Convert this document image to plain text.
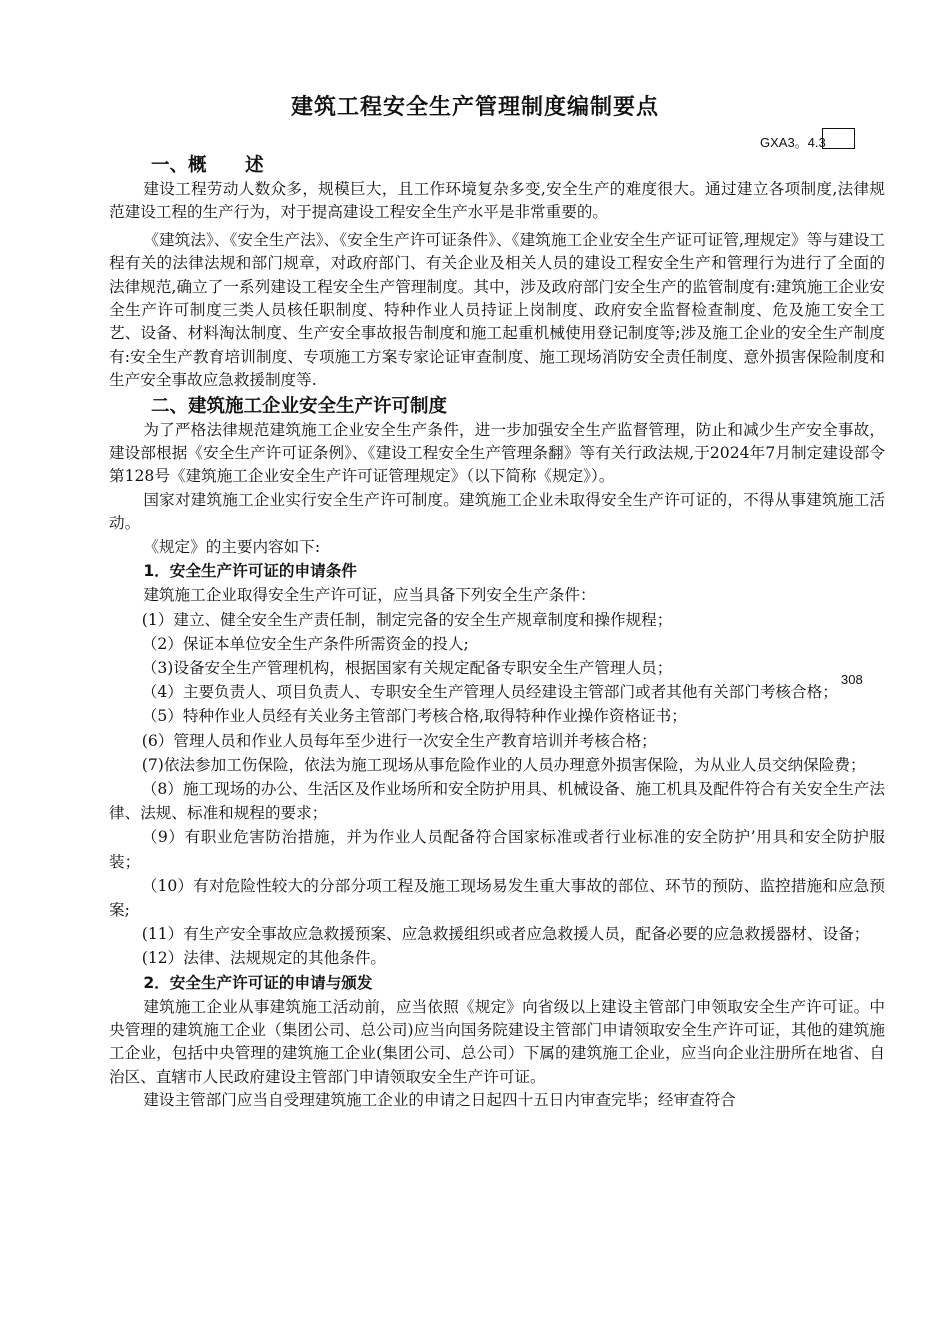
建筑工程安全生产管理制度编制要点
GXA3。4.3
308
一、概      述

建设工程劳动人数众多，规模巨大，且工作环境复杂多变,安全生产的难度很大。通过建立各项制度,法律规范建设工程的生产行为，对于提高建设工程安全生产水平是非常重要的。

《建筑法》、《安全生产法》、《安全生产许可证条件》、《建筑施工企业安全生产证可证管,理规定》等与建设工程有关的法律法规和部门规章，对政府部门、有关企业及相关人员的建设工程安全生产和管理行为进行了全面的法律规范,确立了一系列建设工程安全生产管理制度。其中，涉及政府部门安全生产的监管制度有:建筑施工企业安全生产许可制度三类人员核任职制度、特种作业人员持证上岗制度、政府安全监督检查制度、危及施工安全工艺、设备、材料淘汰制度、生产安全事故报告制度和施工起重机械使用登记制度等;涉及施工企业的安全生产制度有:安全生产教育培训制度、专项施工方案专家论证审查制度、施工现场消防安全责任制度、意外损害保险制度和生产安全事故应急救援制度等.

二、建筑施工企业安全生产许可制度

为了严格法律规范建筑施工企业安全生产条件，进一步加强安全生产监督管理，防止和减少生产安全事故，建设部根据《安全生产许可证条例》、《建设工程安全生产管理条翻》等有关行政法规,于2024年7月制定建设部令第128号《建筑施工企业安全生产许可证管理规定》（以下简称《规定》）。

国家对建筑施工企业实行安全生产许可制度。建筑施工企业未取得安全生产许可证的，不得从事建筑施工活动。

《规定》的主要内容如下:

1．安全生产许可证的申请条件

建筑施工企业取得安全生产许可证，应当具备下列安全生产条件：

(1）建立、健全安全生产责任制，制定完备的安全生产规章制度和操作规程；

（2）保证本单位安全生产条件所需资金的投人;

（3)设备安全生产管理机构，根据国家有关规定配备专职安全生产管理人员；

（4）主要负责人、项目负责人、专职安全生产管理人员经建设主管部门或者其他有关部门考核合格；

（5）特种作业人员经有关业务主管部门考核合格,取得特种作业操作资格证书；

(6）管理人员和作业人员每年至少进行一次安全生产教育培训并考核合格；

(7)依法参加工伤保险，依法为施工现场从事危险作业的人员办理意外损害保险，为从业人员交纳保险费；

（8）施工现场的办公、生活区及作业场所和安全防护用具、机械设备、施工机具及配件符合有关安全生产法律、法规、标准和规程的要求；

（9）有职业危害防治措施，并为作业人员配备符合国家标准或者行业标准的安全防护’用具和安全防护服装；

（10）有对危险性较大的分部分项工程及施工现场易发生重大事故的部位、环节的预防、监控措施和应急预案;

(11）有生产安全事故应急救援预案、应急救援组织或者应急救援人员，配备必要的应急救援器材、设备；

(12）法律、法规规定的其他条件。

2．安全生产许可证的申请与颁发

建筑施工企业从事建筑施工活动前，应当依照《规定》向省级以上建设主管部门申领取安全生产许可证。中央管理的建筑施工企业（集团公司、总公司)应当向国务院建设主管部门申请领取安全生产许可证，其他的建筑施工企业，包括中央管理的建筑施工企业(集团公司、总公司）下属的建筑施工企业，应当向企业注册所在地省、自治区、直辖市人民政府建设主管部门申请领取安全生产许可证。

建设主管部门应当自受理建筑施工企业的申请之日起四十五日内审查完毕；经审查符合
